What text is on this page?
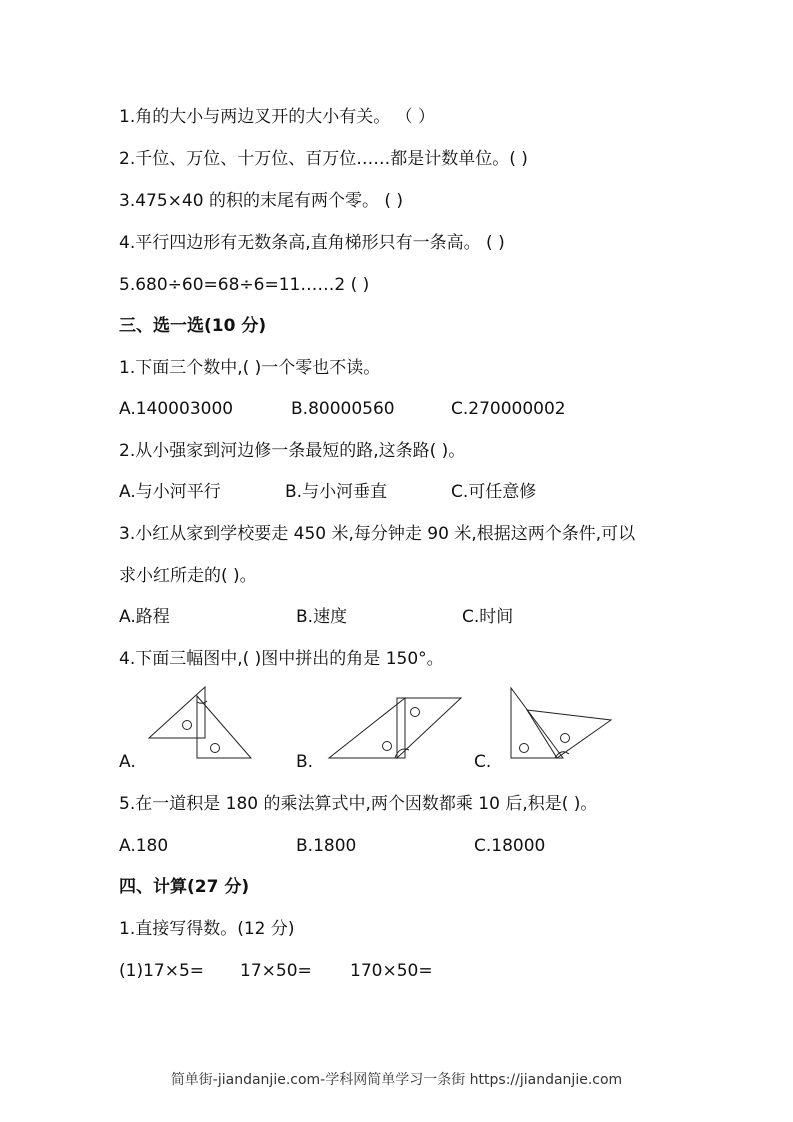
1.角的大小与两边叉开的大小有关。 （ ）
2.千位、万位、十万位、百万位……都是计数单位。( )
3.475×40 的积的末尾有两个零。 ( )
4.平行四边形有无数条高,直角梯形只有一条高。 ( )
5.680÷60=68÷6=11……2 ( )
三、选一选(10 分)
1.下面三个数中,( )一个零也不读。
A.140003000	B.80000560	C.270000002
2.从小强家到河边修一条最短的路,这条路( )。
A.与小河平行	B.与小河垂直	C.可任意修
3.小红从家到学校要走 450 米,每分钟走 90 米,根据这两个条件,可以
求小红所走的( )。
A.路程	B.速度	C.时间
4.下面三幅图中,( )图中拼出的角是 150°。
A.	B.	C.
5.在一道积是 180 的乘法算式中,两个因数都乘 10 后,积是( )。
A.180	B.1800	C.18000
四、计算(27 分)
1.直接写得数。(12 分)
(1)17×5= 17×50= 170×50=
简单街-jiandanjie.com-学科网简单学习一条街 https://jiandanjie.com
